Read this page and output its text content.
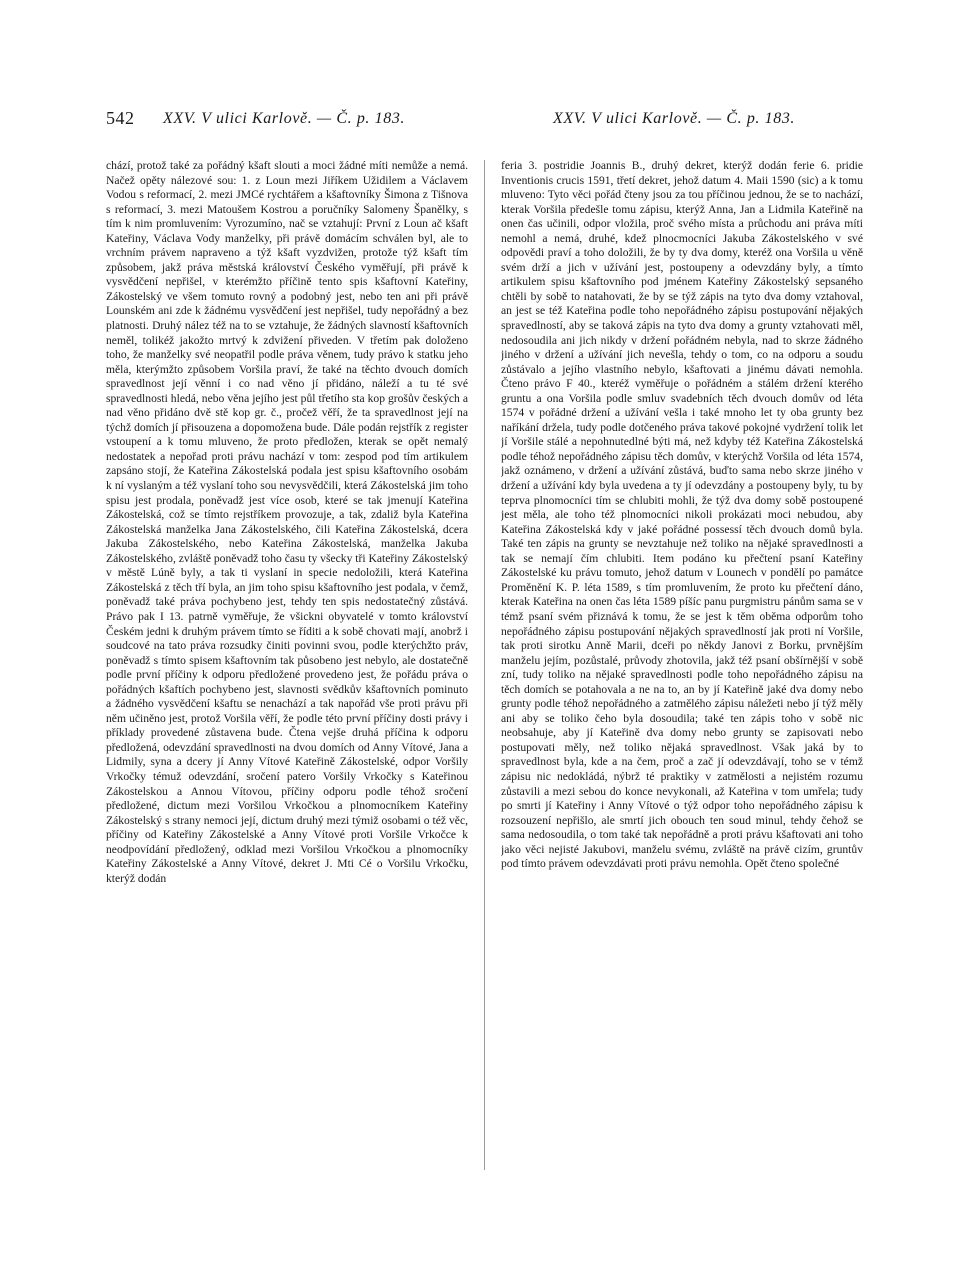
542 XXV. V ulici Karlově. — Č. p. 183.	XXV. V ulici Karlově. — Č. p. 183.
chází, protož také za pořádný kšaft slouti a moci žádné míti nemůže a nemá. Načež opěty nálezové sou: 1. z Loun mezi Jiříkem Užidilem a Václavem Vodou s reformací, 2. mezi JMCé rychtářem a kšaftovníky Šimona z Tišnova s reformací, 3. mezi Matoušem Kostrou a poručníky Salomeny Španělky, s tím k nim promluvením: Vyrozumíno, nač se vztahují: První z Loun ač kšaft Kateřiny, Václava Vody manželky, při právě domácím schválen byl, ale to vrchním právem napraveno a týž kšaft vyzdvižen, protože týž kšaft tím způsobem, jakž práva městská království Českého vyměřují, při právě k vysvědčení nepřišel, v kterémžto příčině tento spis kšaftovní Kateřiny, Zákostelský ve všem tomuto rovný a podobný jest, nebo ten ani při právě Lounském ani zde k žádnému vysvědčení jest nepřišel, tudy nepořádný a bez platnosti. Druhý nález též na to se vztahuje, že žádných slavností kšaftovních neměl, tolikéž jakožto mrtvý k zdvižení přiveden. V třetím pak doloženo toho, že manželky své neopatřil podle práva věnem, tudy právo k statku jeho měla, kterýmžto způsobem Voršila praví, že také na těchto dvouch domích spravedlnost její věnní i co nad věno jí přidáno, náleží a tu té své spravedlnosti hledá, nebo věna jejího jest půl třetího sta kop grošův českých a nad věno přidáno dvě stě kop gr. č., pročež věří, že ta spravedlnost její na týchž domích jí přisouzena a dopomožena bude. Dále podán rejstřík z register vstoupení a k tomu mluveno, že proto předložen, kterak se opět nemalý nedostatek a nepořad proti právu nachází v tom: zespod pod tím artikulem zapsáno stojí, že Kateřina Zákostelská podala jest spisu kšaftovního osobám k ní vyslaným a též vyslaní toho sou nevysvědčili, která Zákostelská jim toho spisu jest prodala, poněvadž jest více osob, které se tak jmenují Kateřina Zákostelská, což se tímto rejstříkem provozuje, a tak, zdaliž byla Kateřina Zákostelská manželka Jana Zákostelského, čili Kateřina Zákostelská, dcera Jakuba Zákostelského, nebo Kateřina Zákostelská, manželka Jakuba Zákostelského, zvláště poněvadž toho času ty všecky tři Kateřiny Zákostelský v městě Lúně byly, a tak ti vyslaní in specie nedoložili, která Kateřina Zákostelská z těch tří byla, an jim toho spisu kšaftovního jest podala, v čemž, poněvadž také práva pochybeno jest, tehdy ten spis nedostatečný zůstává. Právo pak I 13. patrně vyměřuje, že všickni obyvatelé v tomto království Českém jedni k druhým právem tímto se říditi a k sobě chovati mají, anobrž i soudcové na tato práva rozsudky činiti povinni svou, podle kterýchžto práv, poněvadž s tímto spisem kšaftovním tak působeno jest nebylo, ale dostatečně podle první příčiny k odporu předložené provedeno jest, že pořádu práva o pořádných kšaftích pochybeno jest, slavnosti svědkův kšaftovních pominuto a žádného vysvědčení kšaftu se nenachází a tak napořád vše proti právu při něm učiněno jest, protož Voršila věří, že podle této první příčiny dosti právy i příklady provedené zůstavena bude. Čtena vejše druhá příčina k odporu předložená, odevzdání spravedlnosti na dvou domích od Anny Vítové, Jana a Lidmily, syna a dcery jí Anny Vítové Kateřině Zákostelské, odpor Voršily Vrkočky témuž odevzdání, sročení patero Voršily Vrkočky s Kateřinou Zákostelskou a Annou Vítovou, příčiny odporu podle téhož sročení předložené, dictum mezi Voršilou Vrkočkou a plnomocníkem Kateřiny Zákostelský s strany nemoci její, dictum druhý mezi týmiž osobami o též věc, příčiny od Kateřiny Zákostelské a Anny Vítové proti Voršile Vrkočce k neodpovídání předložený, odklad mezi Voršilou Vrkočkou a plnomocníky Kateřiny Zákostelské a Anny Vítové, dekret J. Mti Cé o Voršilu Vrkočku, kterýž dodán
feria 3. postridie Joannis B., druhý dekret, kterýž dodán ferie 6. pridie Inventionis crucis 1591, třetí dekret, jehož datum 4. Maii 1590 (sic) a k tomu mluveno: Tyto věci pořád čteny jsou za tou příčinou jednou, že se to nachází, kterak Voršila předešle tomu zápisu, kterýž Anna, Jan a Lidmila Kateřině na onen čas učinili, odpor vložila, proč svého místa a průchodu ani práva míti nemohl a nemá, druhé, kdež plnocmocníci Jakuba Zákostelského v své odpovědi praví a toho doložili, že by ty dva domy, kteréž ona Voršila u věně svém drží a jich v užívání jest, postoupeny a odevzdány byly, a tímto artikulem spisu kšaftovního pod jménem Kateřiny Zákostelský sepsaného chtěli by sobě to natahovati, že by se týž zápis na tyto dva domy vztahoval, an jest se též Kateřina podle toho nepořádného zápisu postupování nějakých spravedlností, aby se taková zápis na tyto dva domy a grunty vztahovati měl, nedosoudila ani jich nikdy v držení pořádném nebyla, nad to skrze žádného jiného v držení a užívání jich nevešla, tehdy o tom, co na odporu a soudu zůstávalo a jejího vlastního nebylo, kšaftovati a jinému dávati nemohla. Čteno právo F 40., kteréž vyměřuje o pořádném a stálém držení kterého gruntu a ona Voršila podle smluv svadebních těch dvouch domův od léta 1574 v pořádné držení a užívání vešla i také mnoho let ty oba grunty bez naříkání držela, tudy podle dotčeného práva takové pokojné vydržení tolik let jí Voršile stálé a nepohnutedlné býti má, než kdyby též Kateřina Zákostelská podle téhož nepořádného zápisu těch domův, v kterýchž Voršila od léta 1574, jakž oznámeno, v držení a užívání zůstává, buďto sama nebo skrze jiného v držení a užívání kdy byla uvedena a ty jí odevzdány a postoupeny byly, tu by teprva plnomocníci tím se chlubiti mohli, že týž dva domy sobě postoupené jest měla, ale toho též plnomocníci nikoli prokázati moci nebudou, aby Kateřina Zákostelská kdy v jaké pořádné possessí těch dvouch domů byla. Také ten zápis na grunty se nevztahuje než toliko na nějaké spravedlnosti a tak se nemají čím chlubiti. Item podáno ku přečtení psaní Kateřiny Zákostelské ku právu tomuto, jehož datum v Lounech v pondělí po památce Proměnění K. P. léta 1589, s tím promluvením, že proto ku přečtení dáno, kterak Kateřina na onen čas léta 1589 píšíc panu purgmistru pánům sama se v témž psaní svém přiznává k tomu, že se jest k těm oběma odporům toho nepořádného zápisu postupování nějakých spravedlností jak proti ní Voršile, tak proti sirotku Anně Marii, dceři po někdy Janovi z Borku, prvnějším manželu jejím, pozůstalé, průvody zhotovila, jakž též psaní obšírnější v sobě zní, tudy toliko na nějaké spravedlnosti podle toho nepořádného zápisu na těch domích se potahovala a ne na to, an by jí Kateřině jaké dva domy nebo grunty podle téhož nepořádného a zatmělého zápisu náležeti nebo jí týž měly ani aby se toliko čeho byla dosoudila; také ten zápis toho v sobě nic neobsahuje, aby jí Kateřině dva domy nebo grunty se zapisovati nebo postupovati měly, než toliko nějaká spravedlnost. Však jaká by to spravedlnost byla, kde a na čem, proč a zač jí odevzdávají, toho se v témž zápisu nic nedokládá, nýbrž té praktiky v zatmělosti a nejistém rozumu zůstavili a mezi sebou do konce nevykonali, až Kateřina v tom umřela; tudy po smrti jí Kateřiny i Anny Vítové o týž odpor toho nepořádného zápisu k rozsouzení nepřišlo, ale smrtí jich obouch ten soud minul, tehdy čehož se sama nedosoudila, o tom také tak nepořádně a proti právu kšaftovati ani toho jako věci nejisté Jakubovi, manželu svému, zvláště na právě cizím, gruntův pod tímto právem odevzdávati proti právu nemohla. Opět čteno společné
